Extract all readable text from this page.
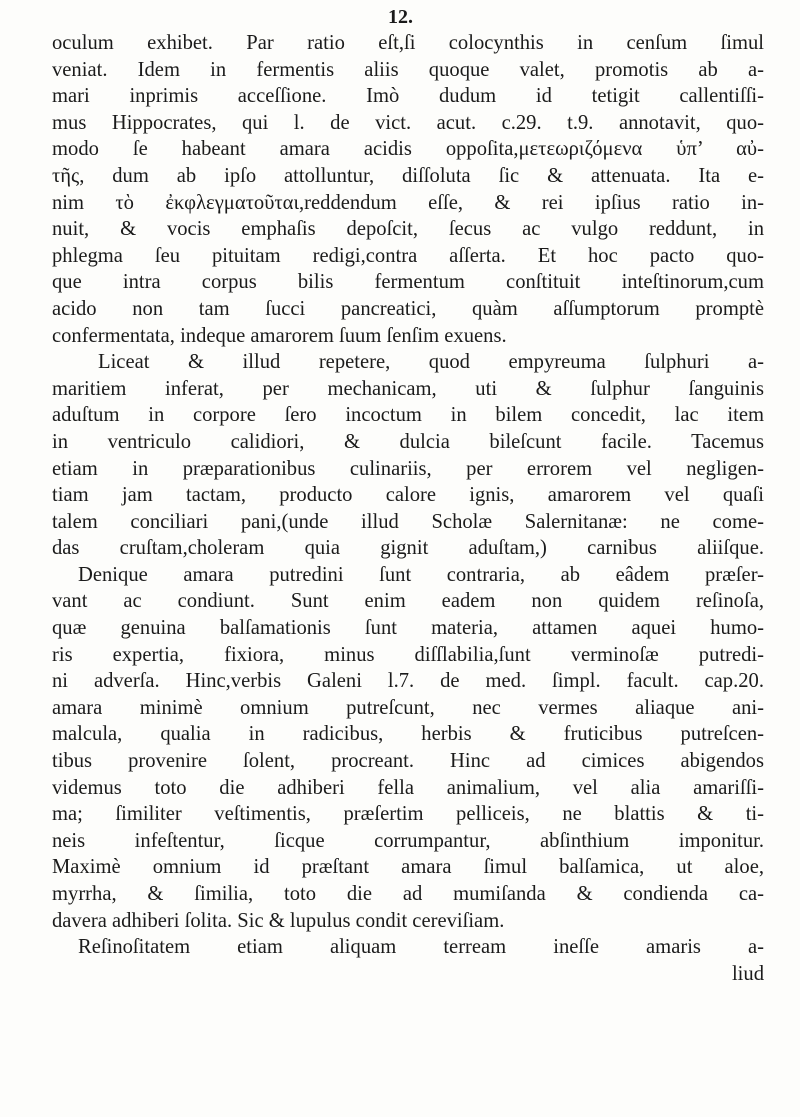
12.
oculum exhibet. Par ratio eſt,ſi colocynthis in cenſum ſimul
veniat. Idem in fermentis aliis quoque valet, promotis ab a-
mari inprimis acceſſione. Imò dudum id tetigit callentiſſi-
mus Hippocrates, qui l. de vict. acut. c.29. t.9. annotavit, quo-
modo ſe habeant amara acidis oppoſita,μετεωριζόμενα ὑπ’ αὐ-
τῆς, dum ab ipſo attolluntur, diſſoluta ſic & attenuata. Ita e-
nim τὸ ἐκφλεγματοῦται,reddendum eſſe, & rei ipſius ratio in-
nuit, & vocis emphaſis depoſcit, ſecus ac vulgo reddunt, in
phlegma ſeu pituitam redigi,contra aſſerta. Et hoc pacto quo-
que intra corpus bilis fermentum conſtituit inteſtinorum,cum
acido non tam ſucci pancreatici, quàm aſſumptorum promptè
confermentata, indeque amarorem ſuum ſenſim exuens.
Liceat & illud repetere, quod empyreuma ſulphuri a-
maritiem inferat, per mechanicam, uti & ſulphur ſanguinis
aduſtum in corpore ſero incoctum in bilem concedit, lac item
in ventriculo calidiori, & dulcia bileſcunt facile. Tacemus
etiam in præparationibus culinariis, per errorem vel negligen-
tiam jam tactam, producto calore ignis, amarorem vel quaſi
talem conciliari pani,(unde illud Scholæ Salernitanæ: ne come-
das cruſtam,choleram quia gignit aduſtam,) carnibus aliiſque.
Denique amara putredini ſunt contraria, ab eâdem præſer-
vant ac condiunt. Sunt enim eadem non quidem reſinoſa,
quæ genuina balſamationis ſunt materia, attamen aquei humo-
ris expertia, fixiora, minus diſſlabilia,ſunt verminoſæ putredi-
ni adverſa. Hinc,verbis Galeni l.7. de med. ſimpl. facult. cap.20.
amara minimè omnium putreſcunt, nec vermes aliaque ani-
malcula, qualia in radicibus, herbis & fruticibus putreſcen-
tibus provenire ſolent, procreant. Hinc ad cimices abigendos
videmus toto die adhiberi fella animalium, vel alia amariſſi-
ma; ſimiliter veſtimentis, præſertim pelliceis, ne blattis & ti-
neis infeſtentur, ſicque corrumpantur, abſinthium imponitur.
Maximè omnium id præſtant amara ſimul balſamica, ut aloe,
myrrha, & ſimilia, toto die ad mumiſanda & condienda ca-
davera adhiberi ſolita. Sic & lupulus condit cereviſiam.
Reſinoſitatem etiam aliquam terream ineſſe amaris a-
liud
